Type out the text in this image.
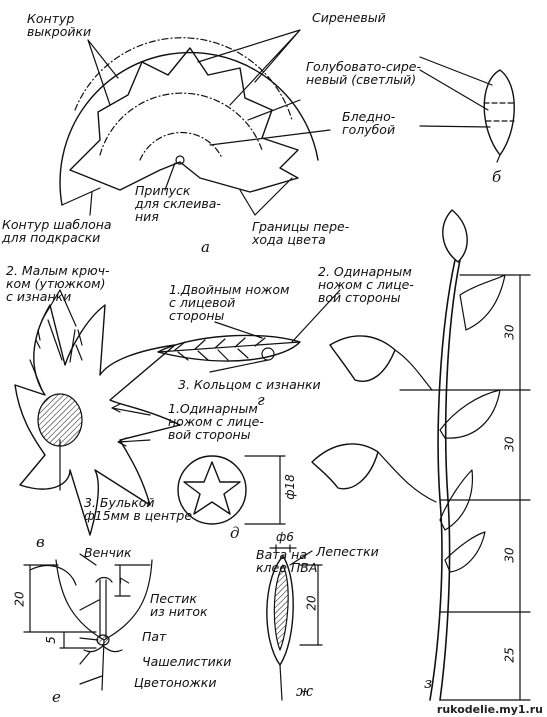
Контур
выкройки
Сиреневый
Голубовато-сире-
невый (светлый)
Бледно-
голубой
Припуск
для склеива-
ния
Контур шаблона
для подкраски
а
Границы пере-
хода цвета
б
2. Малым крюч-
ком (утюжком)
с изнанки
1.Одинарным
ножом с лице-
вой стороны
3. Булькой
ф15мм в центре
в
1.Двойным ножом
с лицевой
стороны
2. Одинарным
ножом с лице-
вой стороны
3. Кольцом с изнанки
г
ф18
д
Венчик
Пестик
из ниток
Пат
Чашелистики
Цветоножки
20
7
5
е
Вата на
клее ПВА
Лепестки
ф6
20
ж
30
30
30
25
з
rukodelie.my1.ru
